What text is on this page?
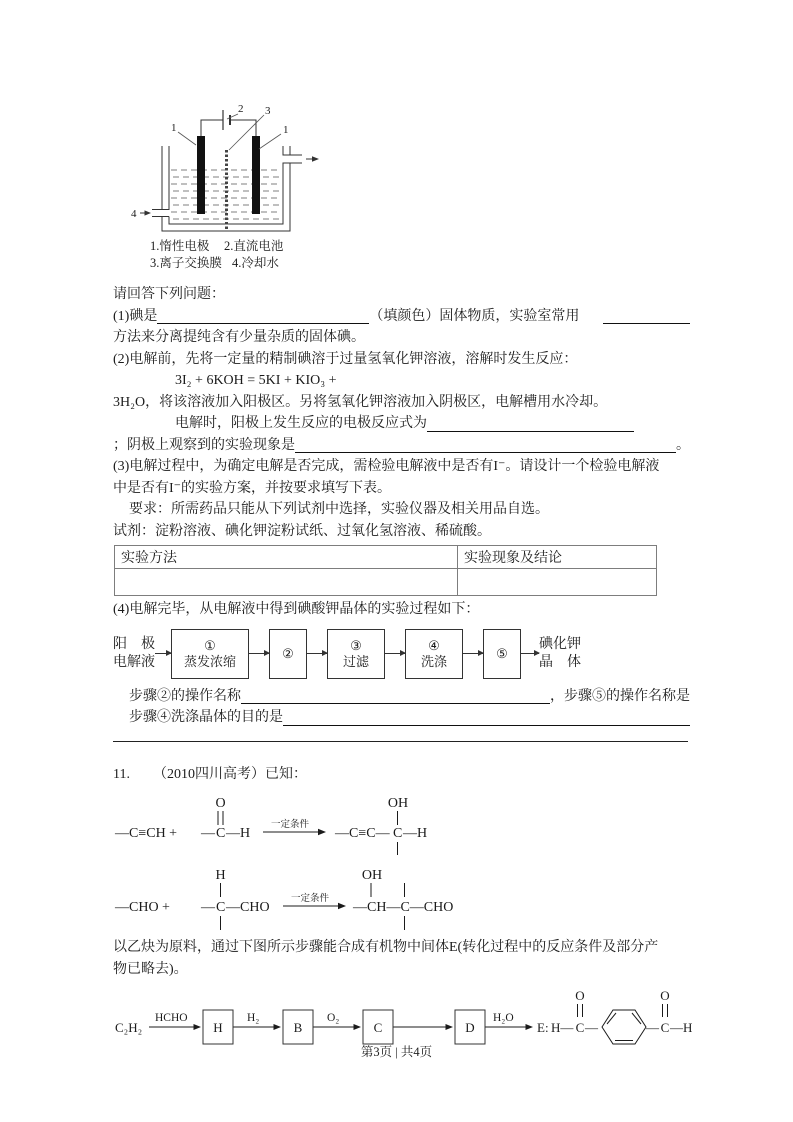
1
2 3
1
4
1.惰性电极 2.直流电池
3.离子交换膜 4.冷却水

请回答下列问题：

(1)碘是	（填颜色）固体物质，实验室常用

方法来分离提纯含有少量杂质的固体碘。

(2)电解前，先将一定量的精制碘溶于过量氢氧化钾溶液，溶解时发生反应：

3I₂ + 6KOH = 5KI + KIO₃ +

3H₂O，将该溶液加入阳极区。另将氢氧化钾溶液加入阴极区，电解槽用水冷却。

电解时，阳极上发生反应的电极反应式为

；阴极上观察到的实验现象是	。

(3)电解过程中，为确定电解是否完成，需检验电解液中是否有I⁻。请设计一个检验电解液

中是否有I⁻的实验方案，并按要求填写下表。

要求：所需药品只能从下列试剂中选择，实验仪器及相关用品自选。

试剂：淀粉溶液、碘化钾淀粉试纸、过氧化氢溶液、稀硫酸。

实验方法	实验现象及结论

(4)电解完毕，从电解液中得到碘酸钾晶体的实验过程如下：

阳　极
电解液
①
蒸发浓缩
②
③
过滤
④
洗涤
⑤
碘化钾
晶　体

步骤②的操作名称	，步骤⑤的操作名称是

步骤④洗涤晶体的目的是

11. （2010四川高考）已知：

—C≡CH + — C —H
O
一定条件
—C≡C— C —H
OH
—CHO + — C —CHO
H
一定条件
OH
—CH—C—CHO

以乙炔为原料，通过下图所示步骤能合成有机物中间体E(转化过程中的反应条件及部分产

物已略去)。

C₂H₂
HCHO	H₂	O₂	H₂O
H	B	C	D	E: H— C
O
—	— C
O
—H
第3页 | 共4页
